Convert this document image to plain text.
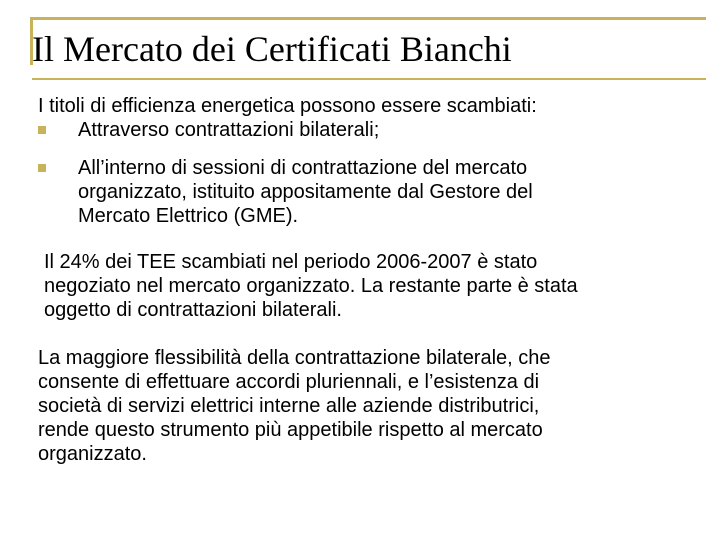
Il Mercato dei Certificati Bianchi

I titoli di efficienza energetica possono essere scambiati:

Attraverso contrattazioni bilaterali;

All’interno di sessioni di contrattazione del mercato

organizzato, istituito appositamente dal Gestore del

Mercato Elettrico (GME).

Il 24% dei TEE scambiati nel periodo 2006-2007 è stato
negoziato nel mercato organizzato. La restante parte è stata
oggetto di contrattazioni bilaterali.
La maggiore flessibilità della contrattazione bilaterale, che
consente di effettuare accordi pluriennali, e l’esistenza di
società di servizi elettrici interne alle aziende distributrici,
rende questo strumento più appetibile rispetto al mercato
organizzato.
